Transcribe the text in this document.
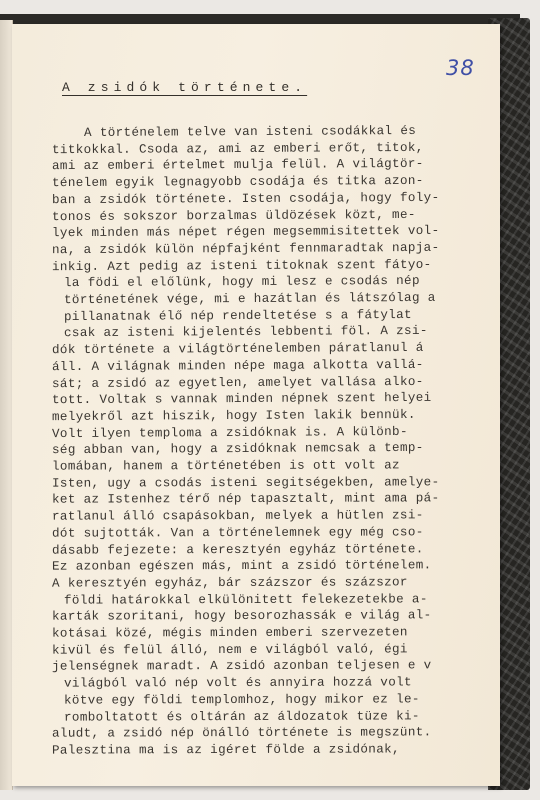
38
A zsidók története.
A történelem telve van isteni csodákkal és
titkokkal. Csoda az, ami az emberi erőt, titok,
ami az emberi értelmet mulja felül. A világtör-
ténelem egyik legnagyobb csodája és titka azon-
ban a zsidók története. Isten csodája, hogy foly-
tonos és sokszor borzalmas üldözések közt, me-
lyek minden más népet régen megsemmisitettek vol-
na, a zsidók külön népfajként fennmaradtak napja-
inkig. Azt pedig az isteni titoknak szent fátyo-
la födi el előlünk, hogy mi lesz e csodás nép
történetének vége, mi e hazátlan és látszólag a
pillanatnak élő nép rendeltetése s a fátylat
csak az isteni kijelentés lebbenti föl. A zsi-
dók története a világtörténelemben páratlanul á
áll. A világnak minden népe maga alkotta vallá-
sát; a zsidó az egyetlen, amelyet vallása alko-
tott. Voltak s vannak minden népnek szent helyei
melyekről azt hiszik, hogy Isten lakik bennük.
Volt ilyen temploma a zsidóknak is. A különb-
ség abban van, hogy a zsidóknak nemcsak a temp-
lomában, hanem a történetében is ott volt az
Isten, ugy a csodás isteni segitségekben, amelye-
ket az Istenhez térő nép tapasztalt, mint ama pá-
ratlanul álló csapásokban, melyek a hütlen zsi-
dót sujtották. Van a történelemnek egy még cso-
dásabb fejezete: a keresztyén egyház története.
Ez azonban egészen más, mint a zsidó történelem.
A keresztyén egyház, bár százszor és százszor
földi határokkal elkülönitett felekezetekbe a-
karták szoritani, hogy besorozhassák e világ al-
kotásai közé, mégis minden emberi szervezeten
kivül és felül álló, nem e világból való, égi
jelenségnek maradt. A zsidó azonban teljesen e v
világból való nép volt és annyira hozzá volt
kötve egy földi templomhoz, hogy mikor ez le-
romboltatott és oltárán az áldozatok tüze ki-
aludt, a zsidó nép önálló története is megszünt.
Palesztina ma is az igéret földe a zsidónak,
